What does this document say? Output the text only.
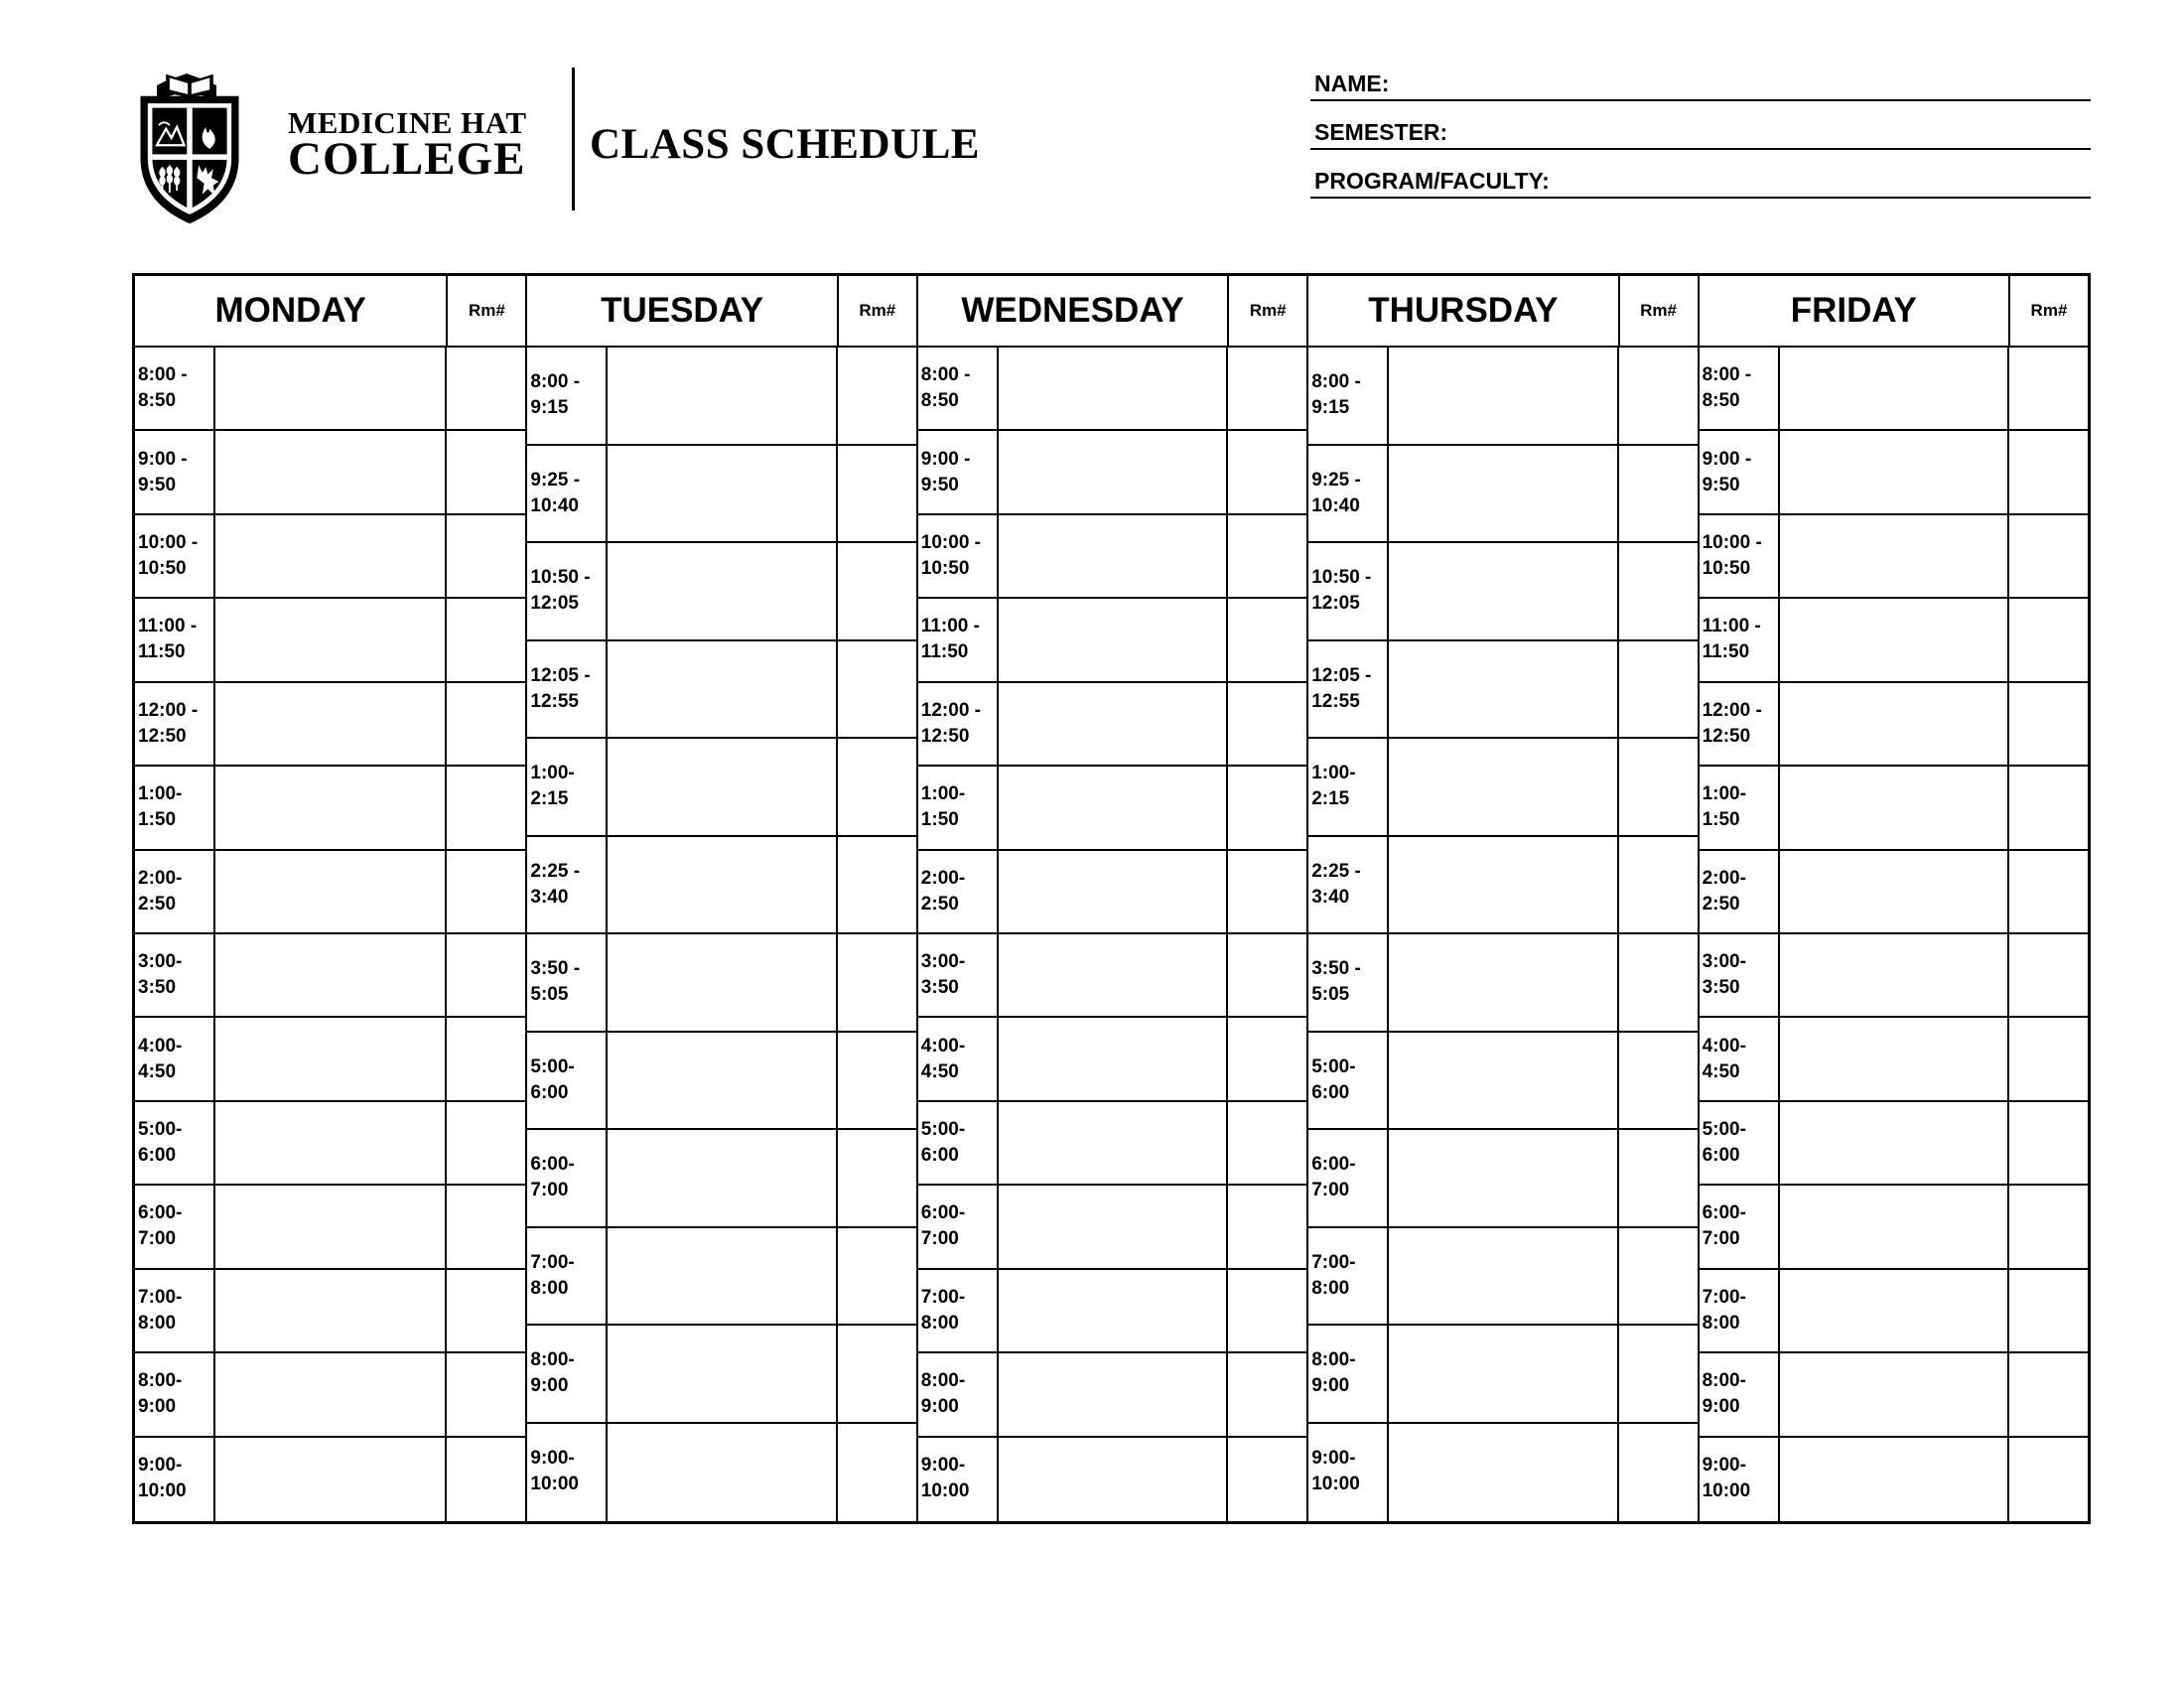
MEDICINE HAT
COLLEGE CLASS SCHEDULE
NAME:
SEMESTER:
PROGRAM/FACULTY:
MONDAY	Rm#
8:00 -
8:50
9:00 -
9:50
10:00 -
10:50
11:00 -
11:50
12:00 -
12:50
1:00-
1:50
2:00-
2:50
3:00-
3:50
4:00-
4:50
5:00-
6:00
6:00-
7:00
7:00-
8:00
8:00-
9:00
9:00-
10:00
TUESDAY	Rm#
8:00 -
9:15
9:25 -
10:40
10:50 -
12:05
12:05 -
12:55
1:00-
2:15
2:25 -
3:40
3:50 -
5:05
5:00-
6:00
6:00-
7:00
7:00-
8:00
8:00-
9:00
9:00-
10:00
WEDNESDAY	Rm#
8:00 -
8:50
9:00 -
9:50
10:00 -
10:50
11:00 -
11:50
12:00 -
12:50
1:00-
1:50
2:00-
2:50
3:00-
3:50
4:00-
4:50
5:00-
6:00
6:00-
7:00
7:00-
8:00
8:00-
9:00
9:00-
10:00
THURSDAY	Rm#
8:00 -
9:15
9:25 -
10:40
10:50 -
12:05
12:05 -
12:55
1:00-
2:15
2:25 -
3:40
3:50 -
5:05
5:00-
6:00
6:00-
7:00
7:00-
8:00
8:00-
9:00
9:00-
10:00
FRIDAY	Rm#
8:00 -
8:50
9:00 -
9:50
10:00 -
10:50
11:00 -
11:50
12:00 -
12:50
1:00-
1:50
2:00-
2:50
3:00-
3:50
4:00-
4:50
5:00-
6:00
6:00-
7:00
7:00-
8:00
8:00-
9:00
9:00-
10:00
